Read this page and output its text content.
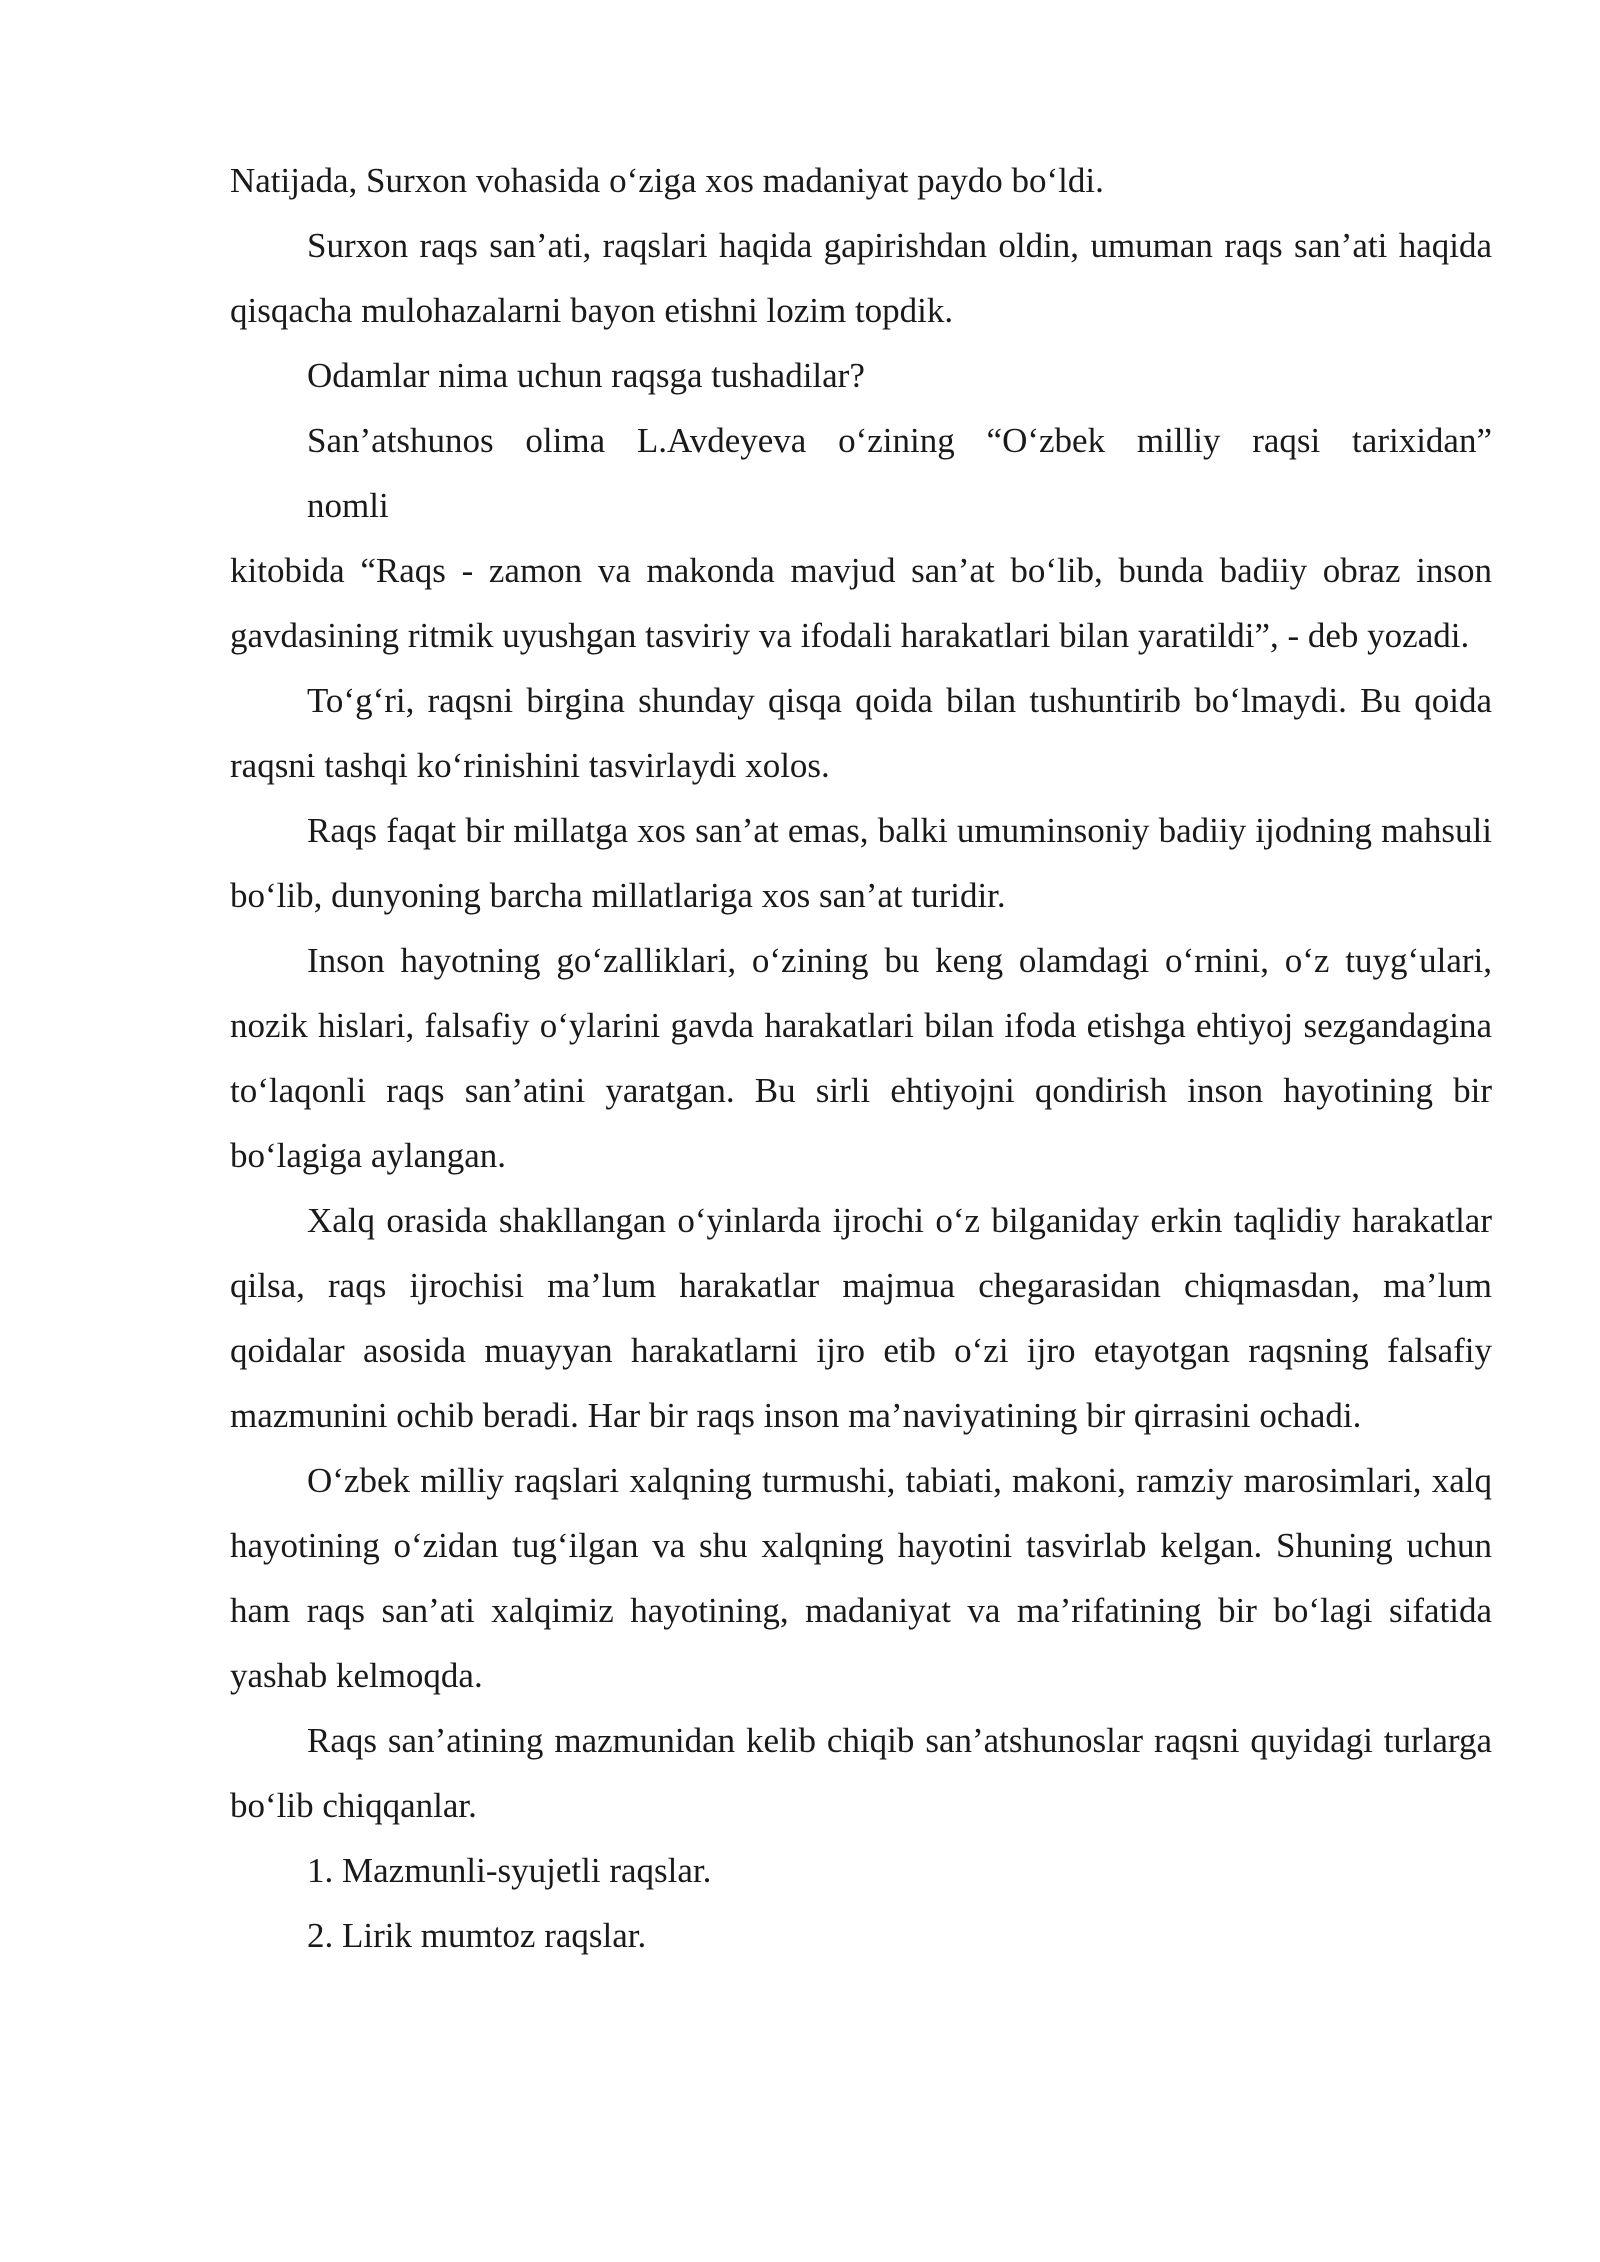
Natijada, Surxon vohasida o‘ziga xos madaniyat paydo bo‘ldi.

Surxon raqs san’ati, raqslari haqida gapirishdan oldin, umuman raqs san’ati haqida qisqacha mulohazalarni bayon etishni lozim topdik.

Odamlar nima uchun raqsga tushadilar?

San’atshunos olima L.Avdeyeva o‘zining “O‘zbek milliy raqsi tarixidan”

nomli

kitobida “Raqs - zamon va makonda mavjud san’at bo‘lib, bunda badiiy obraz inson gavdasining ritmik uyushgan tasviriy va ifodali harakatlari bilan yaratildi”, - deb yozadi.

To‘g‘ri, raqsni birgina shunday qisqa qoida bilan tushuntirib bo‘lmaydi. Bu qoida raqsni tashqi ko‘rinishini tasvirlaydi xolos.

Raqs faqat bir millatga xos san’at emas, balki umuminsoniy badiiy ijodning mahsuli bo‘lib, dunyoning barcha millatlariga xos san’at turidir.

Inson hayotning go‘zalliklari, o‘zining bu keng olamdagi o‘rnini, o‘z tuyg‘ulari, nozik hislari, falsafiy o‘ylarini gavda harakatlari bilan ifoda etishga ehtiyoj sezgandagina to‘laqonli raqs san’atini yaratgan. Bu sirli ehtiyojni qondirish inson hayotining bir bo‘lagiga aylangan.

Xalq orasida shakllangan o‘yinlarda ijrochi o‘z bilganiday erkin taqlidiy harakatlar qilsa, raqs ijrochisi ma’lum harakatlar majmua chegarasidan chiqmasdan, ma’lum qoidalar asosida muayyan harakatlarni ijro etib o‘zi ijro etayotgan raqsning falsafiy mazmunini ochib beradi. Har bir raqs inson ma’naviyatining bir qirrasini ochadi.

O‘zbek milliy raqslari xalqning turmushi, tabiati, makoni, ramziy marosimlari, xalq hayotining o‘zidan tug‘ilgan va shu xalqning hayotini tasvirlab kelgan. Shuning uchun ham raqs san’ati xalqimiz hayotining, madaniyat va ma’rifatining bir bo‘lagi sifatida yashab kelmoqda.

Raqs san’atining mazmunidan kelib chiqib san’atshunoslar raqsni quyidagi turlarga bo‘lib chiqqanlar.

1. Mazmunli-syujetli raqslar.

2. Lirik mumtoz raqslar.
